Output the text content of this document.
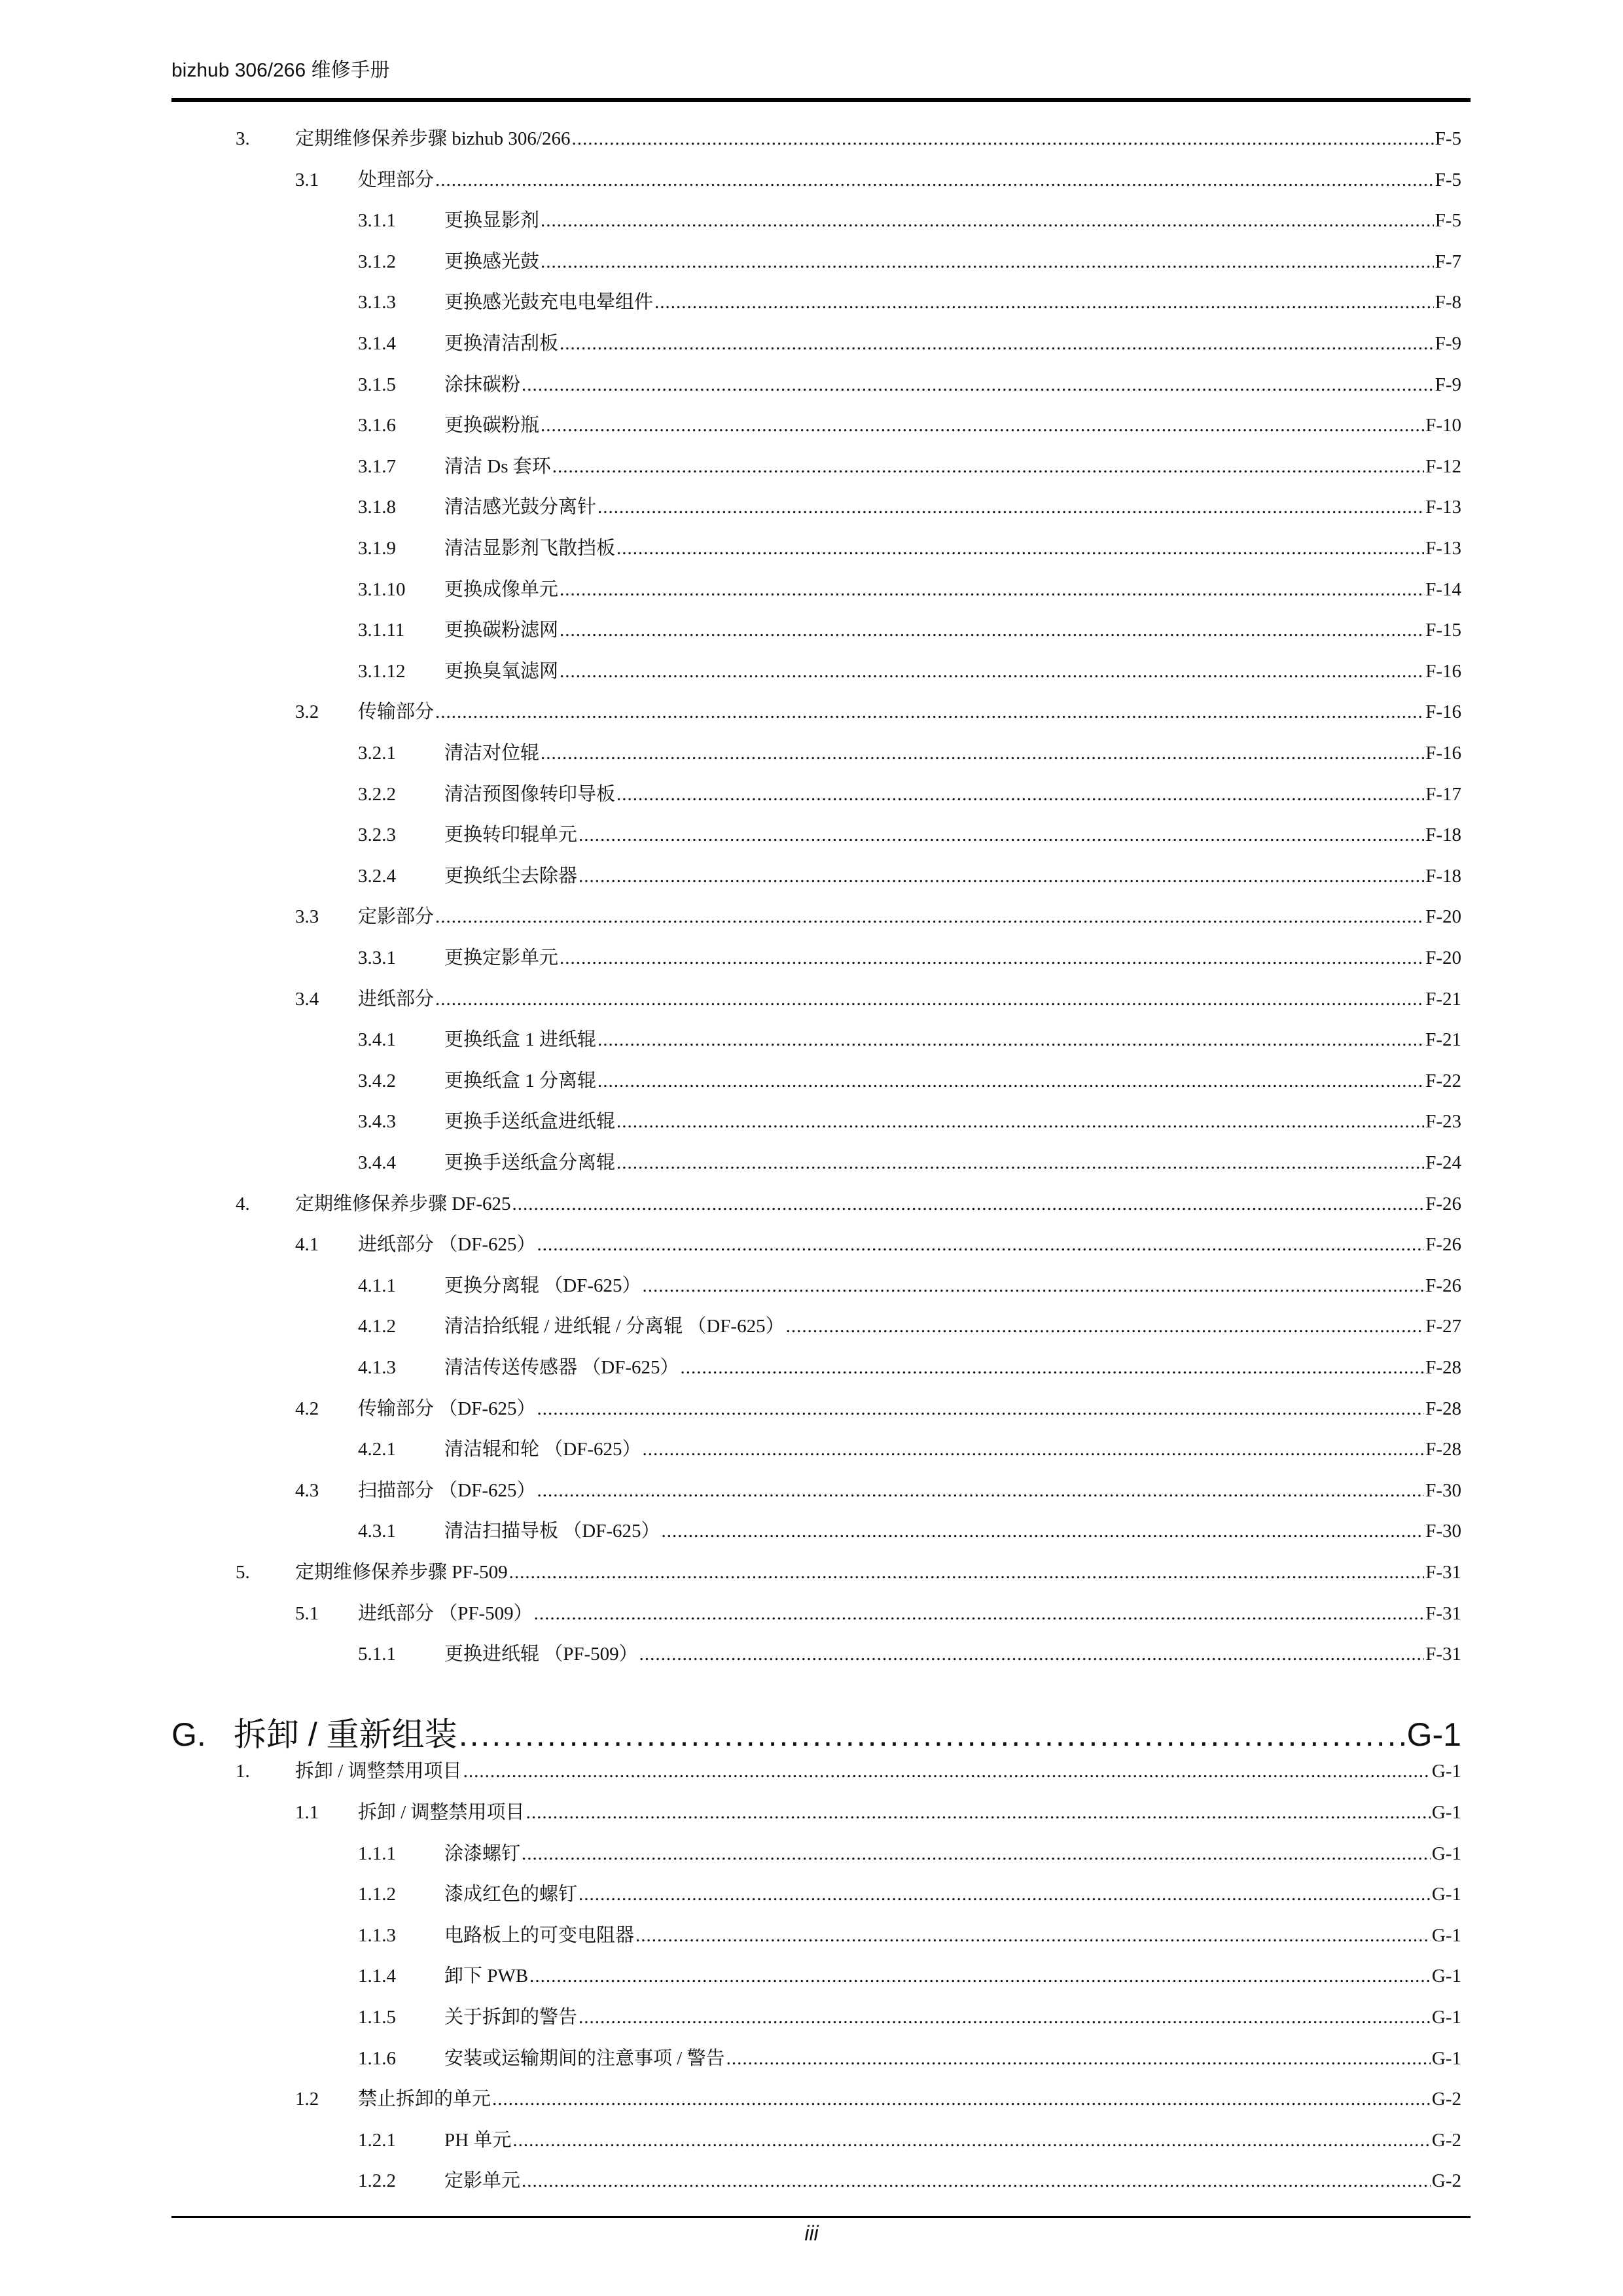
bizhub 306/266 维修手册
3. 定期维修保养步骤 bizhub 306/266 .....	F-5
3.1 处理部分 .....	F-5
3.1.1	更换显影剂 .....	F-5
3.1.2	更换感光鼓 .....	F-7
3.1.3	更换感光鼓充电电晕组件 .....	F-8
3.1.4	更换清洁刮板 .....	F-9
3.1.5	涂抹碳粉 .....	F-9
3.1.6	更换碳粉瓶 .....	F-10
3.1.7	清洁 Ds 套环 .....	F-12
3.1.8	清洁感光鼓分离针 .....	F-13
3.1.9	清洁显影剂飞散挡板 .....	F-13
3.1.10 更换成像单元 .....	F-14
3.1.11 更换碳粉滤网 .....	F-15
3.1.12 更换臭氧滤网 .....	F-16
3.2 传输部分 .....	F-16
3.2.1	清洁对位辊 .....	F-16
3.2.2	清洁预图像转印导板 .....	F-17
3.2.3	更换转印辊单元 .....	F-18
3.2.4	更换纸尘去除器 .....	F-18
3.3 定影部分 .....	F-20
3.3.1	更换定影单元 .....	F-20
3.4 进纸部分 .....	F-21
3.4.1	更换纸盒 1 进纸辊 .....	F-21
3.4.2	更换纸盒 1 分离辊 .....	F-22
3.4.3	更换手送纸盒进纸辊 .....	F-23
3.4.4	更换手送纸盒分离辊 .....	F-24
4. 定期维修保养步骤 DF-625 .....	F-26
4.1 进纸部分 （DF-625） .....	F-26
4.1.1	更换分离辊 （DF-625） .....	F-26
4.1.2	清洁拾纸辊 / 进纸辊 / 分离辊 （DF-625） .....	F-27
4.1.3	清洁传送传感器 （DF-625） .....	F-28
4.2 传输部分 （DF-625） .....	F-28
4.2.1	清洁辊和轮 （DF-625） .....	F-28
4.3 扫描部分 （DF-625） .....	F-30
4.3.1	清洁扫描导板 （DF-625） .....	F-30
5. 定期维修保养步骤 PF-509 .....	F-31
5.1 进纸部分 （PF-509） .....	F-31
5.1.1	更换进纸辊 （PF-509） .....	F-31
G. 拆卸 / 重新组装 .....	G-1
1. 拆卸 / 调整禁用项目 .....	G-1
1.1 拆卸 / 调整禁用项目 .....	G-1
1.1.1	涂漆螺钉 .....	G-1
1.1.2	漆成红色的螺钉 .....	G-1
1.1.3	电路板上的可变电阻器 .....	G-1
1.1.4	卸下 PWB .....	G-1
1.1.5	关于拆卸的警告 .....	G-1
1.1.6	安装或运输期间的注意事项 / 警告 .....	G-1
1.2 禁止拆卸的单元 .....	G-2
1.2.1	PH 单元 .....	G-2
1.2.2	定影单元 .....	G-2
iii
